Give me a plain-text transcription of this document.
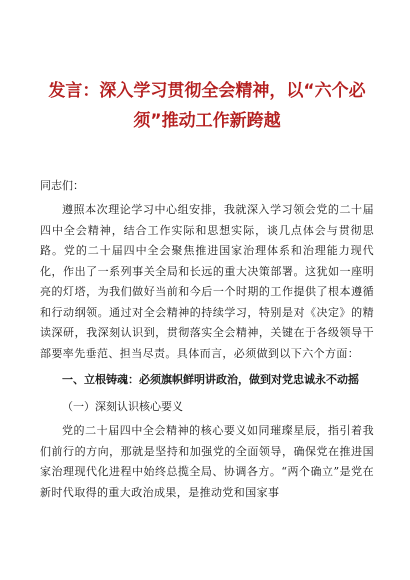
发言：深入学习贯彻全会精神，以“六个必须”推动工作新跨越
同志们：

遵照本次理论学习中心组安排，我就深入学习领会党的二十届四中全会精神，结合工作实际和思想实际，谈几点体会与贯彻思路。党的二十届四中全会聚焦推进国家治理体系和治理能力现代化，作出了一系列事关全局和长远的重大决策部署。这犹如一座明亮的灯塔，为我们做好当前和今后一个时期的工作提供了根本遵循和行动纲领。通过对全会精神的持续学习，特别是对《决定》的精读深研，我深刻认识到，贯彻落实全会精神，关键在于各级领导干部要率先垂范、担当尽责。具体而言，必须做到以下六个方面：

一、立根铸魂：必须旗帜鲜明讲政治，做到对党忠诚永不动摇

（一）深刻认识核心要义

党的二十届四中全会精神的核心要义如同璀璨星辰，指引着我们前行的方向，那就是坚持和加强党的全面领导，确保党在推进国家治理现代化进程中始终总揽全局、协调各方。“两个确立”是党在新时代取得的重大政治成果，是推动党和国家事
